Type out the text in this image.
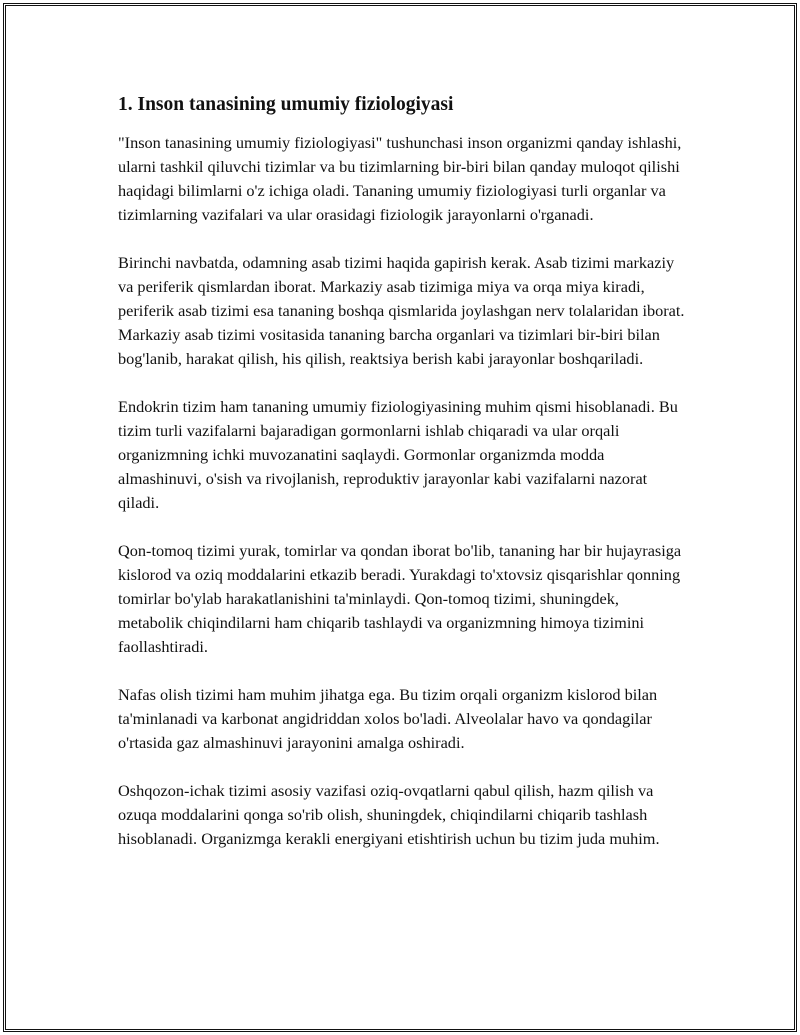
1. Inson tanasining umumiy fiziologiyasi

"Inson tanasining umumiy fiziologiyasi" tushunchasi inson organizmi qanday ishlashi, ularni tashkil qiluvchi tizimlar va bu tizimlarning bir-biri bilan qanday muloqot qilishi haqidagi bilimlarni o'z ichiga oladi. Tananing umumiy fiziologiyasi turli organlar va tizimlarning vazifalari va ular orasidagi fiziologik jarayonlarni o'rganadi.

Birinchi navbatda, odamning asab tizimi haqida gapirish kerak. Asab tizimi markaziy va periferik qismlardan iborat. Markaziy asab tizimiga miya va orqa miya kiradi, periferik asab tizimi esa tananing boshqa qismlarida joylashgan nerv tolalaridan iborat. Markaziy asab tizimi vositasida tananing barcha organlari va tizimlari bir-biri bilan bog'lanib, harakat qilish, his qilish, reaktsiya berish kabi jarayonlar boshqariladi.

Endokrin tizim ham tananing umumiy fiziologiyasining muhim qismi hisoblanadi. Bu tizim turli vazifalarni bajaradigan gormonlarni ishlab chiqaradi va ular orqali organizmning ichki muvozanatini saqlaydi. Gormonlar organizmda modda almashinuvi, o'sish va rivojlanish, reproduktiv jarayonlar kabi vazifalarni nazorat qiladi.

Qon-tomoq tizimi yurak, tomirlar va qondan iborat bo'lib, tananing har bir hujayrasiga kislorod va oziq moddalarini etkazib beradi. Yurakdagi to'xtovsiz qisqarishlar qonning tomirlar bo'ylab harakatlanishini ta'minlaydi. Qon-tomoq tizimi, shuningdek, metabolik chiqindilarni ham chiqarib tashlaydi va organizmning himoya tizimini faollashtiradi.

Nafas olish tizimi ham muhim jihatga ega. Bu tizim orqali organizm kislorod bilan ta'minlanadi va karbonat angidriddan xolos bo'ladi. Alveolalar havo va qondagilar o'rtasida gaz almashinuvi jarayonini amalga oshiradi.

Oshqozon-ichak tizimi asosiy vazifasi oziq-ovqatlarni qabul qilish, hazm qilish va ozuqa moddalarini qonga so'rib olish, shuningdek, chiqindilarni chiqarib tashlash hisoblanadi. Organizmga kerakli energiyani etishtirish uchun bu tizim juda muhim.
